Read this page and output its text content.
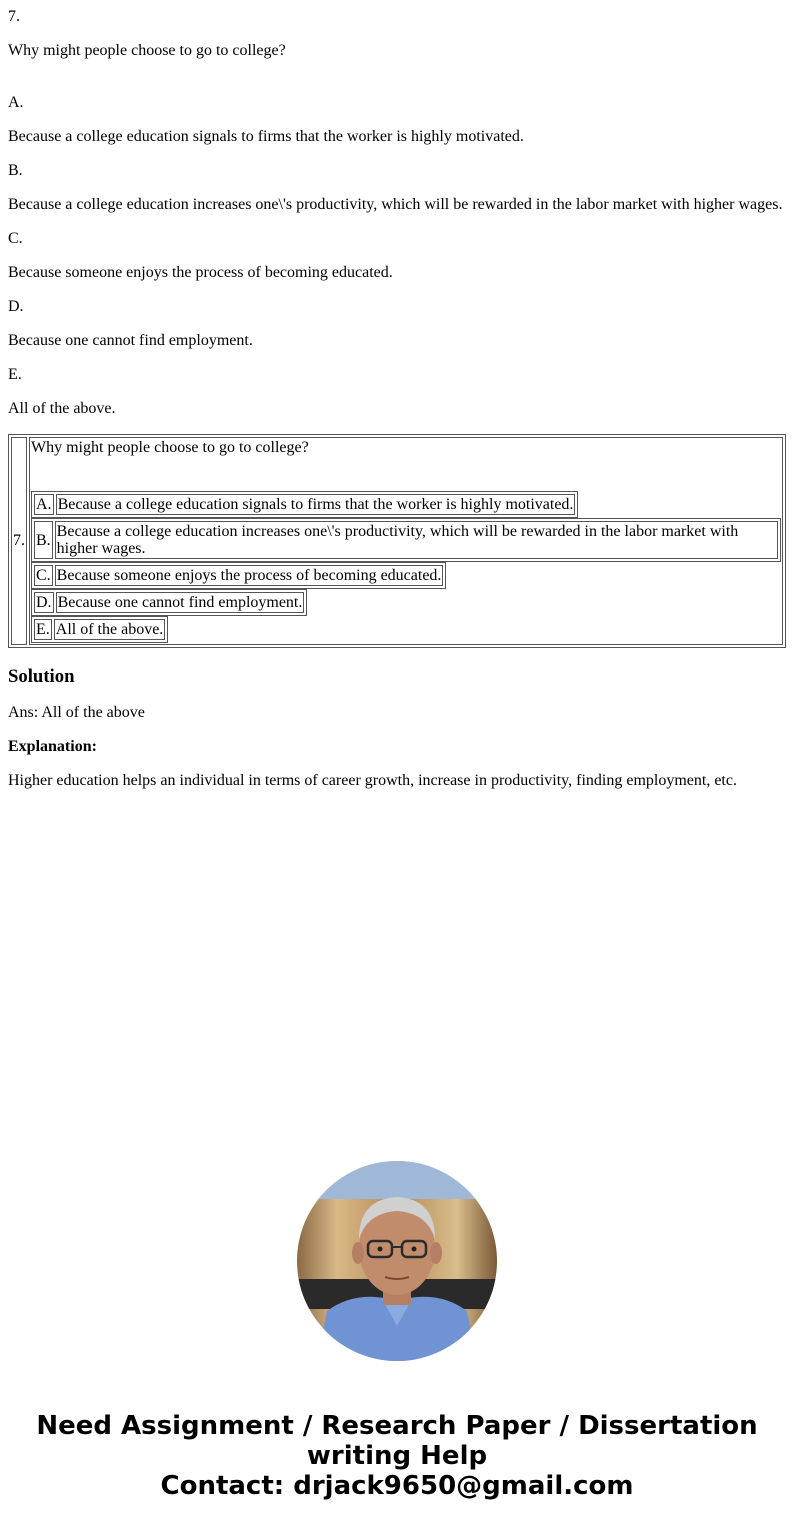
7.

Why might people choose to go to college?

A.

Because a college education signals to firms that the worker is highly motivated.

B.

Because a college education increases one\'s productivity, which will be rewarded in the labor market with higher wages.

C.

Because someone enjoys the process of becoming educated.

D.

Because one cannot find employment.

E.

All of the above.

7.	
Why might people choose to go to college?
A.	Because a college education signals to firms that the worker is highly motivated.
B.	Because a college education increases one\'s productivity, which will be rewarded in the labor market with higher wages.
C.	Because someone enjoys the process of becoming educated.
D.	Because one cannot find employment.
E.	All of the above.
Solution

Ans: All of the above

Explanation:

Higher education helps an individual in terms of career growth, increase in productivity, finding employment, etc.

Need Assignment / Research Paper / Dissertation
writing Help
Contact: drjack9650@gmail.com
